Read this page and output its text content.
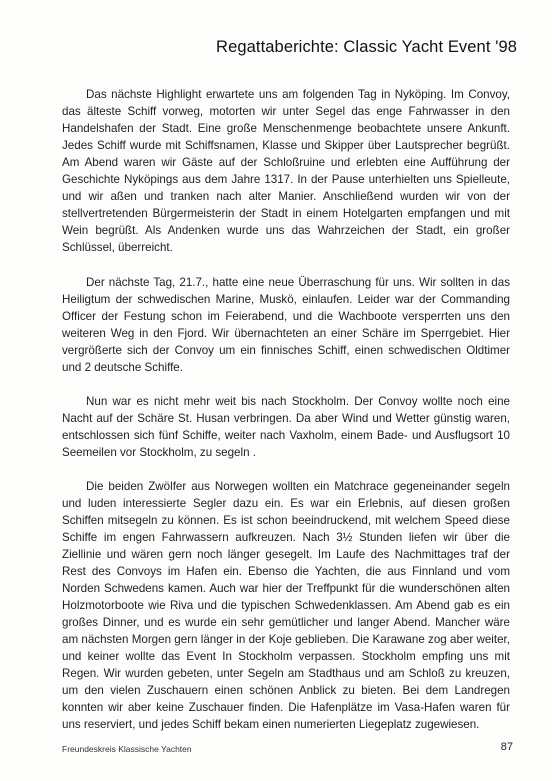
Regattaberichte: Classic Yacht Event '98

Das nächste Highlight erwartete uns am folgenden Tag in Nyköping. Im Convoy, das älteste Schiff vorweg, motorten wir unter Segel das enge Fahrwasser in den Handelshafen der Stadt. Eine große Menschenmenge beobachtete unsere Ankunft. Jedes Schiff wurde mit Schiffsnamen, Klasse und Skipper über Lautsprecher begrüßt. Am Abend waren wir Gäste auf der Schloßruine und erlebten eine Aufführung der Geschichte Nyköpings aus dem Jahre 1317. In der Pause unterhielten uns Spielleute, und wir aßen und tranken nach alter Manier. Anschließend wurden wir von der stellvertretenden Bürgermeisterin der Stadt in einem Hotelgarten empfangen und mit Wein begrüßt. Als Andenken wurde uns das Wahrzeichen der Stadt, ein großer Schlüssel, überreicht.

Der nächste Tag, 21.7., hatte eine neue Überraschung für uns. Wir sollten in das Heiligtum der schwedischen Marine, Muskö, einlaufen. Leider war der Commanding Officer der Festung schon im Feierabend, und die Wachboote versperrten uns den weiteren Weg in den Fjord. Wir übernachteten an einer Schäre im Sperrgebiet. Hier vergrößerte sich der Convoy um ein finnisches Schiff, einen schwedischen Oldtimer und 2 deutsche Schiffe.

Nun war es nicht mehr weit bis nach Stockholm. Der Convoy wollte noch eine Nacht auf der Schäre St. Husan verbringen. Da aber Wind und Wetter günstig waren, entschlossen sich fünf Schiffe, weiter nach Vaxholm, einem Bade- und Ausflugsort 10 Seemeilen vor Stockholm, zu segeln .

Die beiden Zwölfer aus Norwegen wollten ein Matchrace gegeneinander segeln und luden interessierte Segler dazu ein. Es war ein Erlebnis, auf diesen großen Schiffen mitsegeln zu können. Es ist schon beeindruckend, mit welchem Speed diese Schiffe im engen Fahrwassern aufkreuzen. Nach 3½ Stunden liefen wir über die Ziellinie und wären gern noch länger gesegelt. Im Laufe des Nachmittages traf der Rest des Convoys im Hafen ein. Ebenso die Yachten, die aus Finnland und vom Norden Schwedens kamen. Auch war hier der Treffpunkt für die wunderschönen alten Holzmotorboote wie Riva und die typischen Schwedenklassen. Am Abend gab es ein großes Dinner, und es wurde ein sehr gemütlicher und langer Abend. Mancher wäre am nächsten Morgen gern länger in der Koje geblieben. Die Karawane zog aber weiter, und keiner wollte das Event In Stockholm verpassen. Stockholm empfing uns mit Regen. Wir wurden gebeten, unter Segeln am Stadthaus und am Schloß zu kreuzen, um den vielen Zuschauern einen schönen Anblick zu bieten. Bei dem Landregen konnten wir aber keine Zuschauer finden. Die Hafenplätze im Vasa-Hafen waren für uns reserviert, und jedes Schiff bekam einen numerierten Liegeplatz zugewiesen.

Freundeskreis Klassische Yachten	87
